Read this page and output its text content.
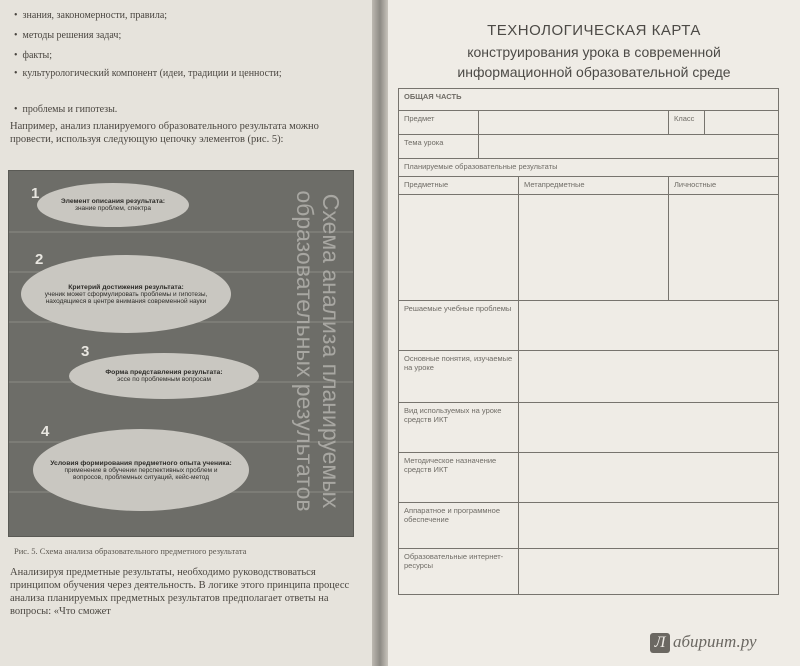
• знания, закономерности, правила;
• методы решения задач;
• факты;
• культурологический компонент (идеи, традиции и ценности;
• проблемы и гипотезы.
Например, анализ планируемого образовательного результата можно провести, используя следующую цепочку элементов (рис. 5):
1	Элемент описания результата:
знание проблем, спектра
2
Критерий достижения результата:
ученик может сформулировать проблемы и гипотезы, находящиеся в центре внимания современной науки
3
Форма представления результата:
эссе по проблемным вопросам
4
Условия формирования предметного опыта ученика:
применение в обучении перспективных проблем и вопросов, проблемных ситуаций, кейс-метод	Схема анализа планируемых образовательных результатов
Рис. 5. Схема анализа образовательного предметного результата
Анализируя предметные результаты, необходимо руководствоваться принципом обучения через деятельность. В логике этого принципа процесс анализа планируемых предметных результатов предполагает ответы на вопросы: «Что сможет
ТЕХНОЛОГИЧЕСКАЯ КАРТА
конструирования урока в современной
информационной образовательной среде
ОБЩАЯ ЧАСТЬ				
Предмет			Класс	
Тема урока				
Планируемые образовательные результаты				
Предметные		Метапредметные	Личностные	

Решаемые учебные проблемы				
Основные понятия, изучаемые на уроке				
Вид используемых на уроке средств ИКТ				
Методическое назначение средств ИКТ				
Аппаратное и программное обеспечение				
Образовательные интернет-ресурсы				
Л абиринт.ру
